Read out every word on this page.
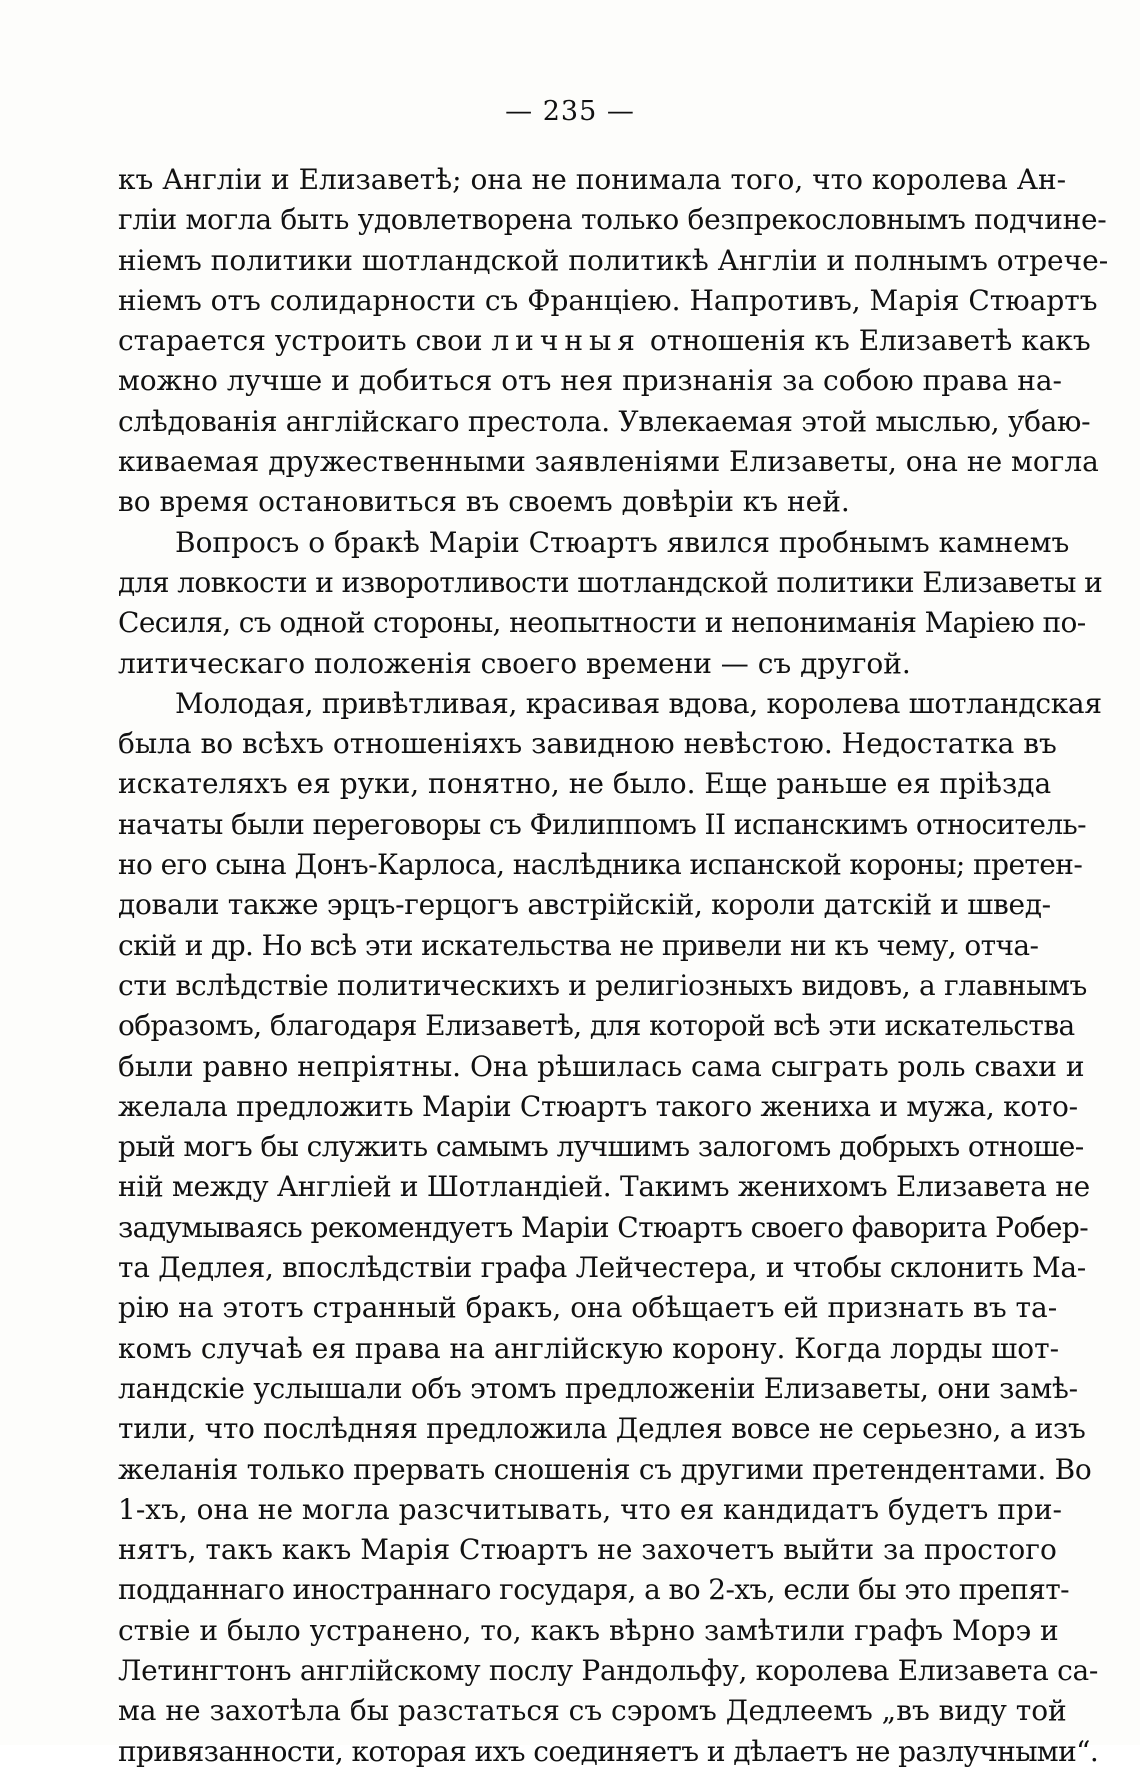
— 235 —
къ Англіи и Елизаветѣ; она не понимала того, что королева Ан-
гліи могла быть удовлетворена только безпрекословнымъ подчине-
ніемъ политики шотландской политикѣ Англіи и полнымъ отрече-
ніемъ отъ солидарности съ Франціею. Напротивъ, Марія Стюартъ
старается устроить свои личныя отношенія къ Елизаветѣ какъ
можно лучше и добиться отъ нея признанія за собою права на-
слѣдованія англійскаго престола. Увлекаемая этой мыслью, убаю-
киваемая дружественными заявленіями Елизаветы, она не могла
во время остановиться въ своемъ довѣріи къ ней.
Вопросъ о бракѣ Маріи Стюартъ явился пробнымъ камнемъ
для ловкости и изворотливости шотландской политики Елизаветы и
Сесиля, съ одной стороны, неопытности и непониманія Маріею по-
литическаго положенія своего времени — съ другой.
Молодая, привѣтливая, красивая вдова, королева шотландская
была во всѣхъ отношеніяхъ завидною невѣстою. Недостатка въ
искателяхъ ея руки, понятно, не было. Еще раньше ея пріѣзда
начаты были переговоры съ Филиппомъ II испанскимъ относитель-
но его сына Донъ-Карлоса, наслѣдника испанской короны; претен-
довали также эрцъ-герцогъ австрійскій, короли датскій и швед-
скій и др. Но всѣ эти искательства не привели ни къ чему, отча-
сти вслѣдствіе политическихъ и религіозныхъ видовъ, а главнымъ
образомъ, благодаря Елизаветѣ, для которой всѣ эти искательства
были равно непріятны. Она рѣшилась сама сыграть роль свахи и
желала предложить Маріи Стюартъ такого жениха и мужа, кото-
рый могъ бы служить самымъ лучшимъ залогомъ добрыхъ отноше-
ній между Англіей и Шотландіей. Такимъ женихомъ Елизавета не
задумываясь рекомендуетъ Маріи Стюартъ своего фаворита Робер-
та Дедлея, впослѣдствіи графа Лейчестера, и чтобы склонить Ма-
рію на этотъ странный бракъ, она обѣщаетъ ей признать въ та-
комъ случаѣ ея права на англійскую корону. Когда лорды шот-
ландскіе услышали объ этомъ предложеніи Елизаветы, они замѣ-
тили, что послѣдняя предложила Дедлея вовсе не серьезно, а изъ
желанія только прервать сношенія съ другими претендентами. Во
1-хъ, она не могла разсчитывать, что ея кандидатъ будетъ при-
нятъ, такъ какъ Марія Стюартъ не захочетъ выйти за простого
подданнаго иностраннаго государя, а во 2-хъ, если бы это препят-
ствіе и было устранено, то, какъ вѣрно замѣтили графъ Морэ и
Летингтонъ англійскому послу Рандольфу, королева Елизавета са-
ма не захотѣла бы разстаться съ сэромъ Дедлеемъ „въ виду той
привязанности, которая ихъ соединяетъ и дѣлаетъ не разлучными“.
